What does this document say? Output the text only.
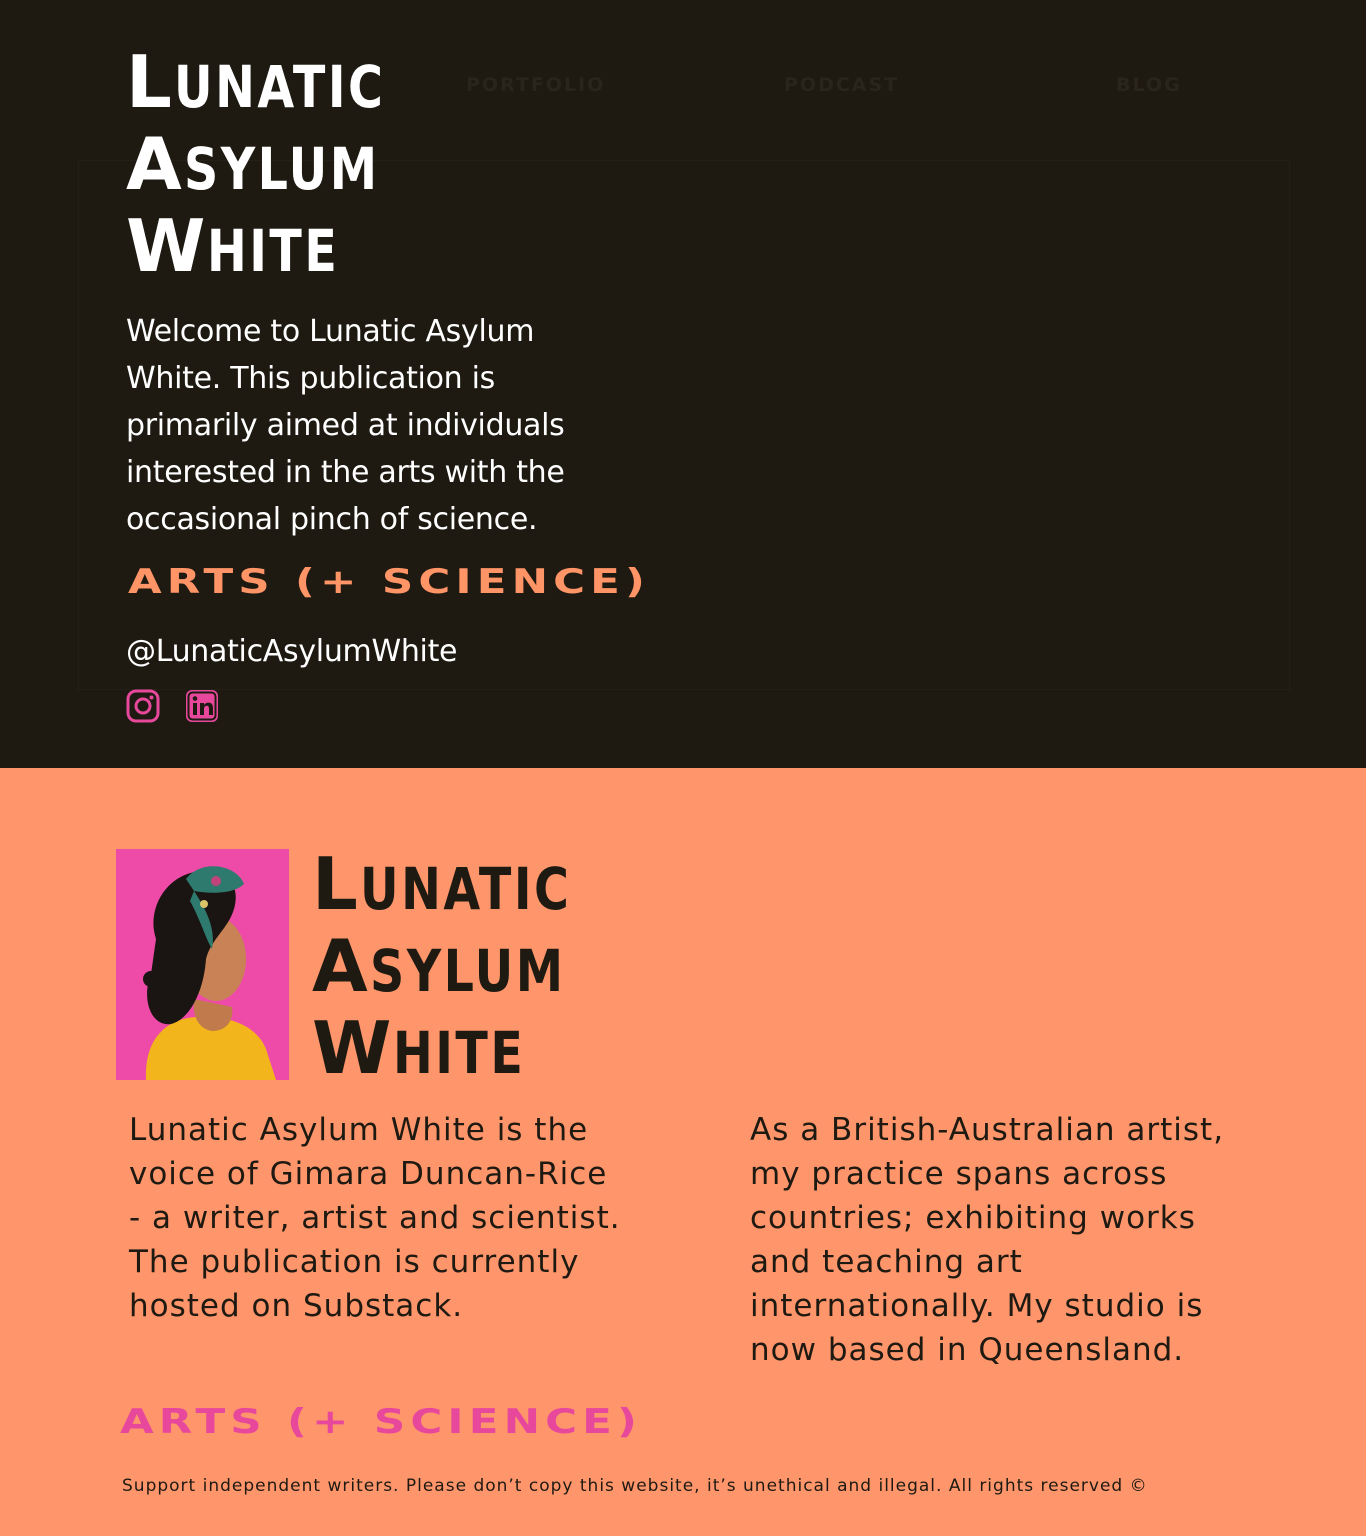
PORTFOLIO	PODCAST	BLOG
LUNATIC
ASYLUM
WHITE

Welcome to Lunatic Asylum White. This publication is primarily aimed at individuals interested in the arts with the occasional pinch of science.

ARTS (+ SCIENCE)
@LunaticAsylumWhite
LUNATIC
ASYLUM
WHITE

Lunatic Asylum White is the voice of Gimara Duncan-Rice - a writer, artist and scientist. The publication is currently hosted on Substack.

As a British-Australian artist, my practice spans across countries; exhibiting works and teaching art internationally. My studio is now based in Queensland.

ARTS (+ SCIENCE)

Support independent writers. Please don’t copy this website, it’s unethical and illegal. All rights reserved ©
